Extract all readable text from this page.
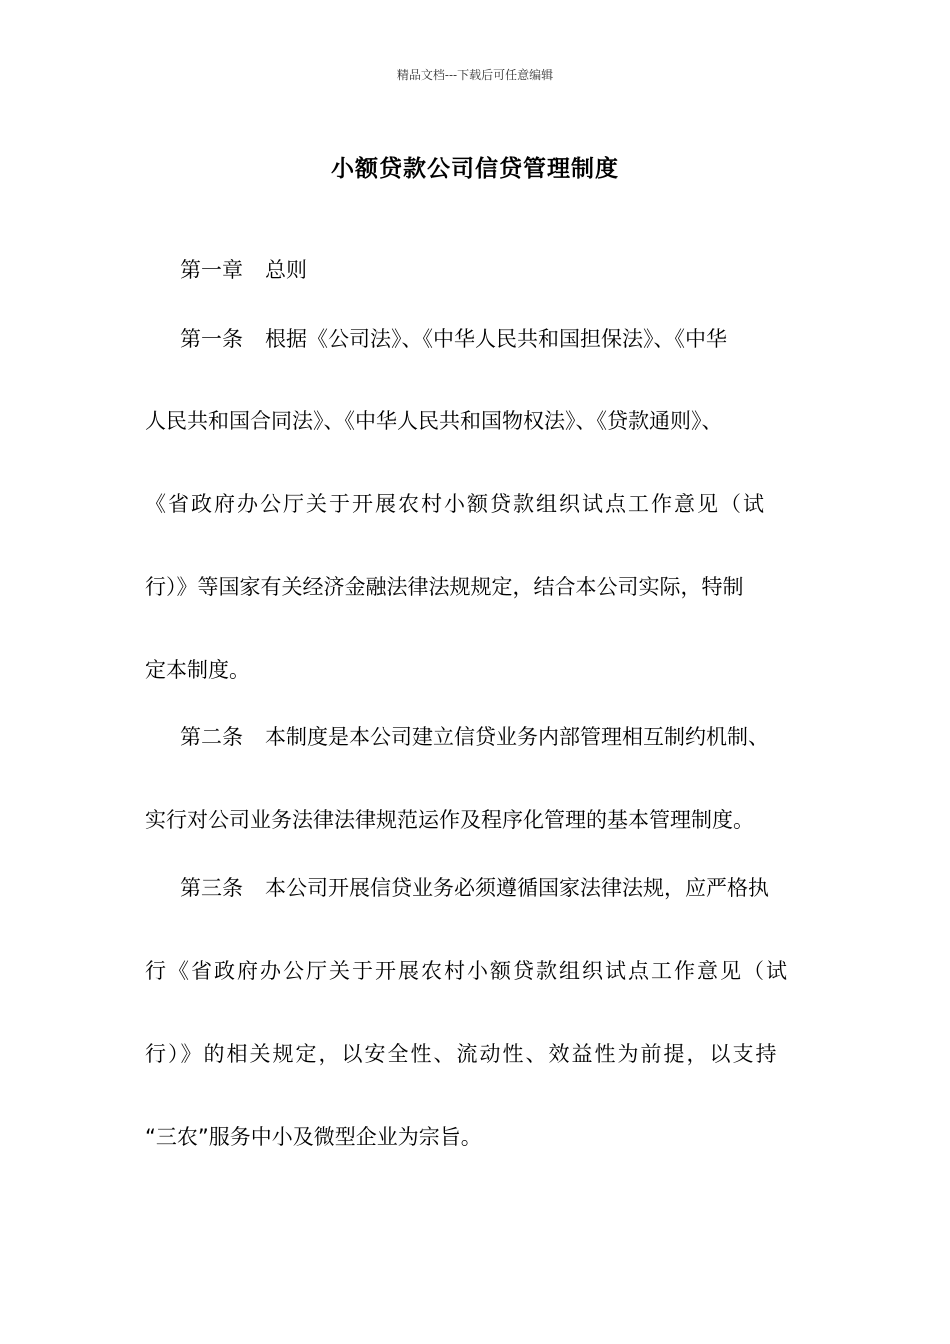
精品文档---下载后可任意编辑
小额贷款公司信贷管理制度
第一章 总则
第一条 根据《公司法》、《中华人民共和国担保法》、《中华
人民共和国合同法》、《中华人民共和国物权法》、《贷款通则》、
《省政府办公厅关于开展农村小额贷款组织试点工作意见（试
行）》等国家有关经济金融法律法规规定，结合本公司实际，特制
定本制度。
第二条 本制度是本公司建立信贷业务内部管理相互制约机制、
实行对公司业务法律法律规范运作及程序化管理的基本管理制度。
第三条 本公司开展信贷业务必须遵循国家法律法规，应严格执
行《省政府办公厅关于开展农村小额贷款组织试点工作意见（试
行）》的相关规定，以安全性、流动性、效益性为前提，以支持
“三农”服务中小及微型企业为宗旨。
